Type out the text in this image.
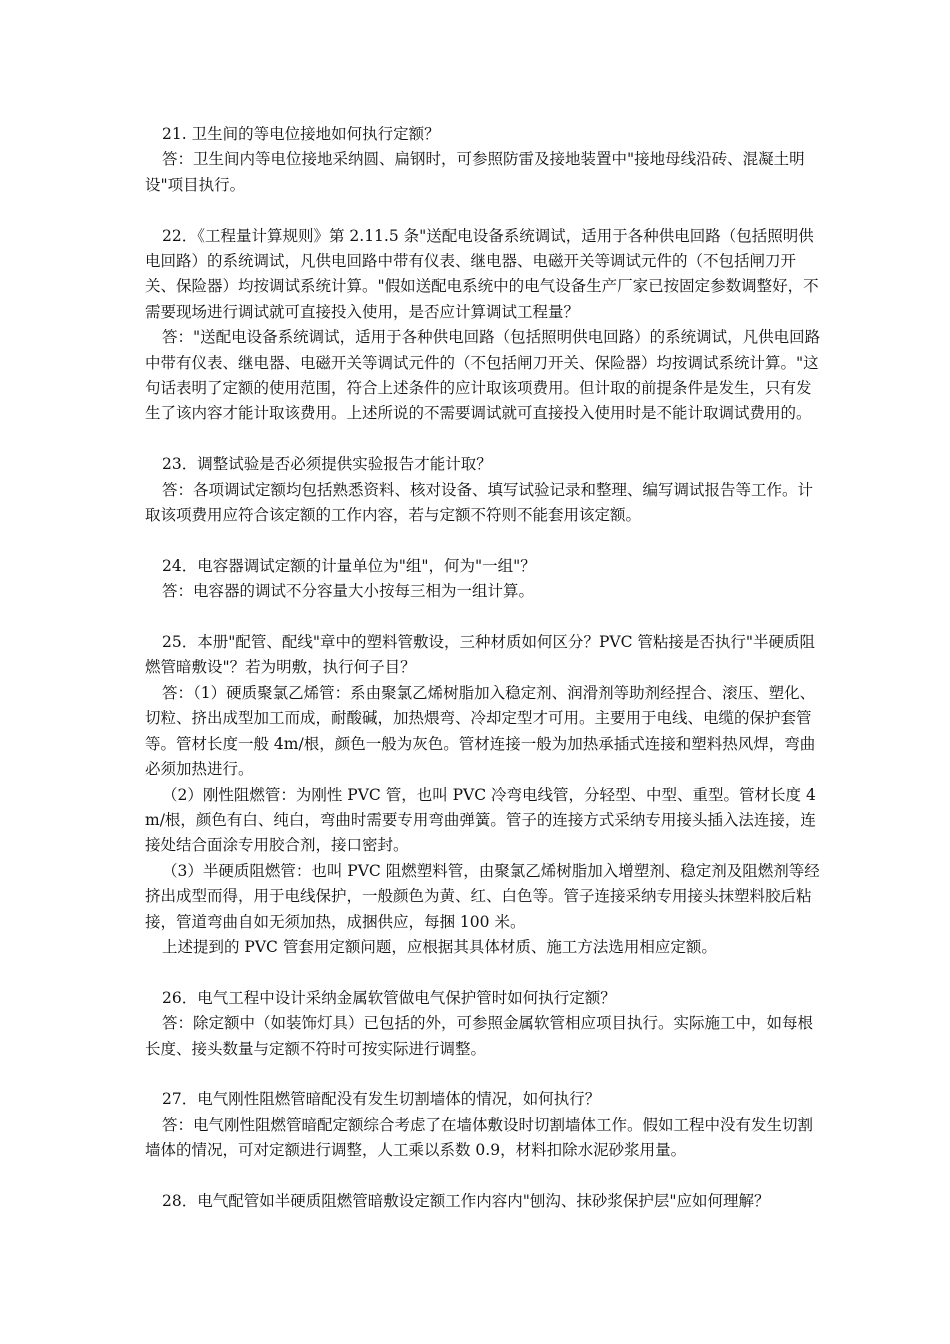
21. 卫生间的等电位接地如何执行定额？

答：卫生间内等电位接地采纳圆、扁钢时，可参照防雷及接地装置中"接地母线沿砖、混凝土明设"项目执行。

22．《工程量计算规则》第 2.11.5 条"送配电设备系统调试，适用于各种供电回路（包括照明供电回路）的系统调试，凡供电回路中带有仪表、继电器、电磁开关等调试元件的（不包括闸刀开关、保险器）均按调试系统计算。"假如送配电系统中的电气设备生产厂家已按固定参数调整好，不需要现场进行调试就可直接投入使用，是否应计算调试工程量？

答："送配电设备系统调试，适用于各种供电回路（包括照明供电回路）的系统调试，凡供电回路中带有仪表、继电器、电磁开关等调试元件的（不包括闸刀开关、保险器）均按调试系统计算。"这句话表明了定额的使用范围，符合上述条件的应计取该项费用。但计取的前提条件是发生，只有发生了该内容才能计取该费用。上述所说的不需要调试就可直接投入使用时是不能计取调试费用的。

23．调整试验是否必须提供实验报告才能计取？

答：各项调试定额均包括熟悉资料、核对设备、填写试验记录和整理、编写调试报告等工作。计取该项费用应符合该定额的工作内容，若与定额不符则不能套用该定额。

24．电容器调试定额的计量单位为"组"，何为"一组"？

答：电容器的调试不分容量大小按每三相为一组计算。

25．本册"配管、配线"章中的塑料管敷设，三种材质如何区分？PVC 管粘接是否执行"半硬质阻燃管暗敷设"？若为明敷，执行何子目？

答：（1）硬质聚氯乙烯管：系由聚氯乙烯树脂加入稳定剂、润滑剂等助剂经捏合、滚压、塑化、切粒、挤出成型加工而成，耐酸碱，加热煨弯、冷却定型才可用。主要用于电线、电缆的保护套管等。管材长度一般 4m/根，颜色一般为灰色。管材连接一般为加热承插式连接和塑料热风焊，弯曲必须加热进行。

（2）刚性阻燃管：为刚性 PVC 管，也叫 PVC 冷弯电线管，分轻型、中型、重型。管材长度 4m/根，颜色有白、纯白，弯曲时需要专用弯曲弹簧。管子的连接方式采纳专用接头插入法连接，连接处结合面涂专用胶合剂，接口密封。

（3）半硬质阻燃管：也叫 PVC 阻燃塑料管，由聚氯乙烯树脂加入增塑剂、稳定剂及阻燃剂等经挤出成型而得，用于电线保护，一般颜色为黄、红、白色等。管子连接采纳专用接头抹塑料胶后粘接，管道弯曲自如无须加热，成捆供应，每捆 100 米。

上述提到的 PVC 管套用定额问题，应根据其具体材质、施工方法选用相应定额。

26．电气工程中设计采纳金属软管做电气保护管时如何执行定额？

答：除定额中（如装饰灯具）已包括的外，可参照金属软管相应项目执行。实际施工中，如每根长度、接头数量与定额不符时可按实际进行调整。

27．电气刚性阻燃管暗配没有发生切割墙体的情况，如何执行？

答：电气刚性阻燃管暗配定额综合考虑了在墙体敷设时切割墙体工作。假如工程中没有发生切割墙体的情况，可对定额进行调整，人工乘以系数 0.9，材料扣除水泥砂浆用量。

28．电气配管如半硬质阻燃管暗敷设定额工作内容内"刨沟、抹砂浆保护层"应如何理解？
